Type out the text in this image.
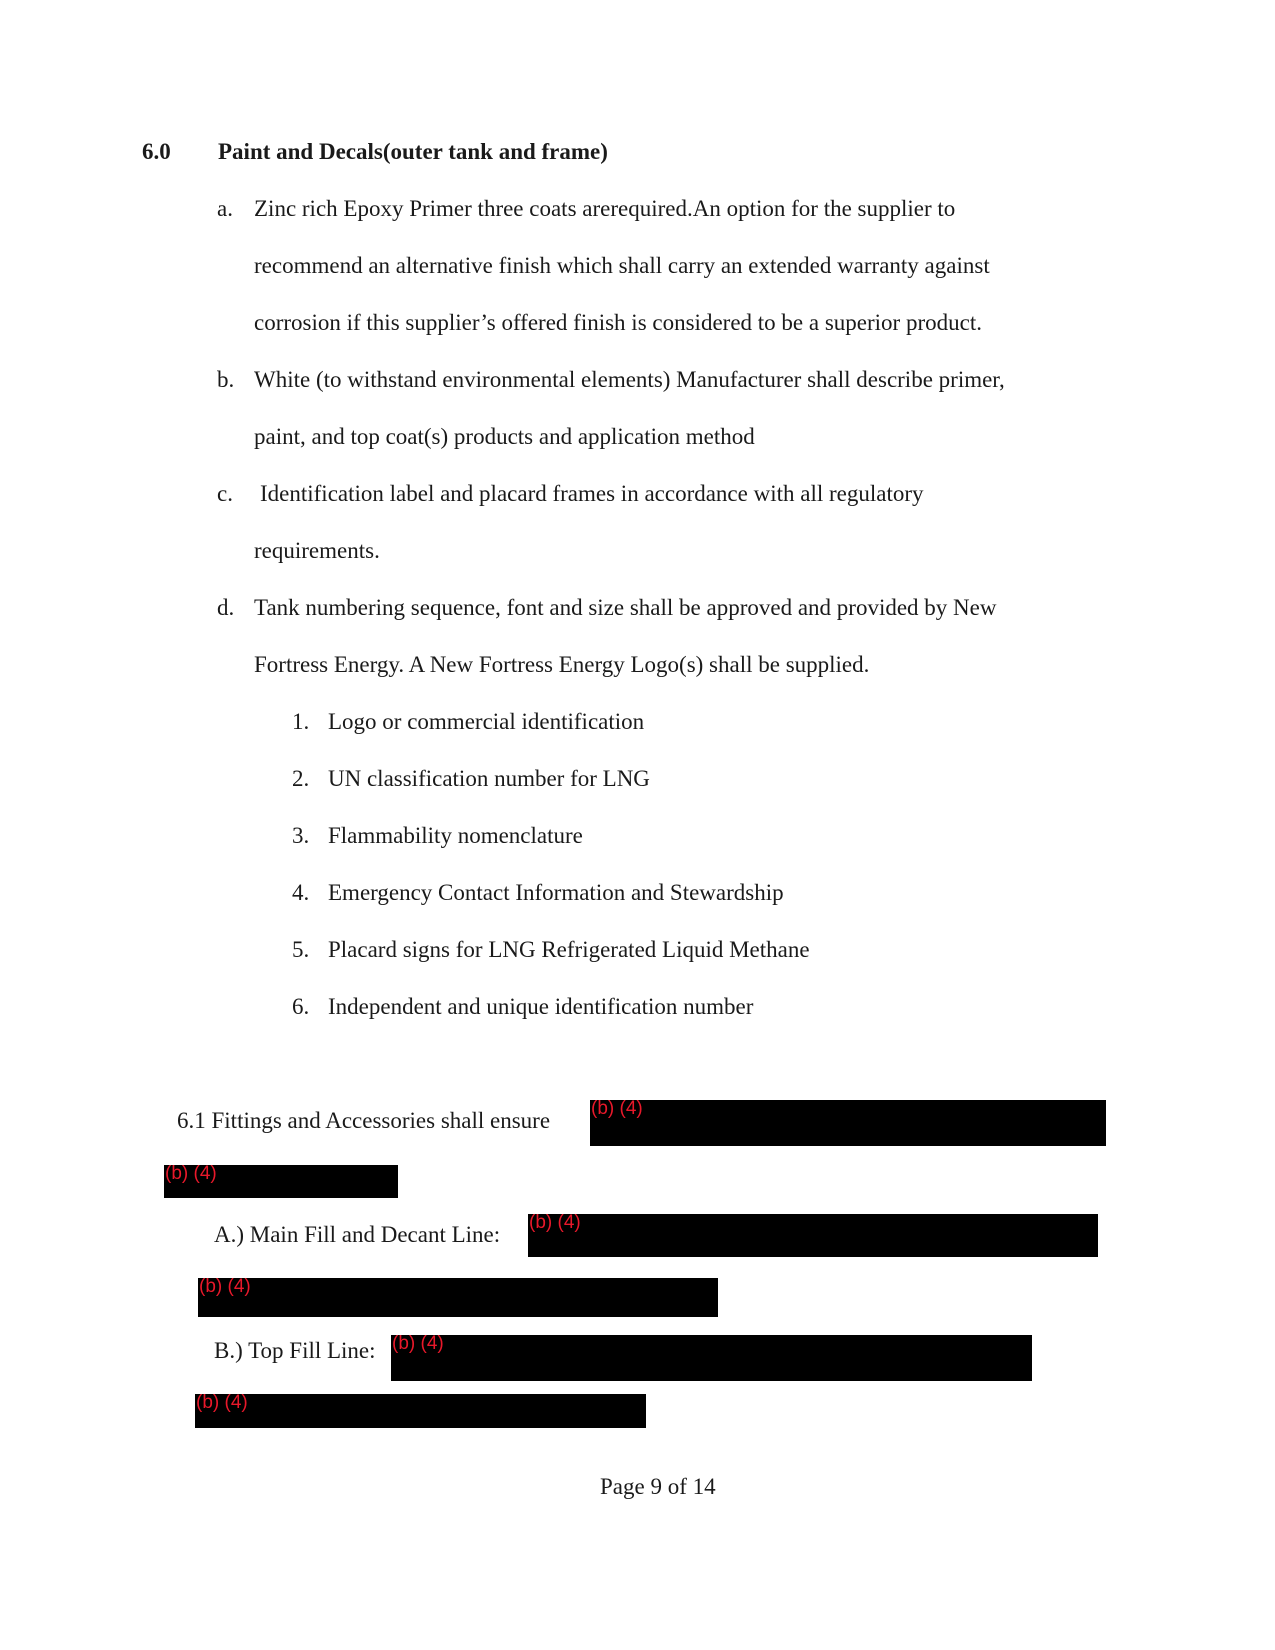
6.0 Paint and Decals(outer tank and frame)
a. Zinc rich Epoxy Primer three coats arerequired.An option for the supplier to
recommend an alternative finish which shall carry an extended warranty against
corrosion if this supplier’s offered finish is considered to be a superior product.
b. White (to withstand environmental elements) Manufacturer shall describe primer,
paint, and top coat(s) products and application method
c. Identification label and placard frames in accordance with all regulatory
requirements.
d. Tank numbering sequence, font and size shall be approved and provided by New
Fortress Energy. A New Fortress Energy Logo(s) shall be supplied.
1. Logo or commercial identification
2. UN classification number for LNG
3. Flammability nomenclature
4. Emergency Contact Information and Stewardship
5. Placard signs for LNG Refrigerated Liquid Methane
6. Independent and unique identification number
6.1 Fittings and Accessories shall ensure (b) (4)
(b) (4)
A.) Main Fill and Decant Line: (b) (4)
(b) (4)
B.) Top Fill Line: (b) (4)
(b) (4)
Page 9 of 14
